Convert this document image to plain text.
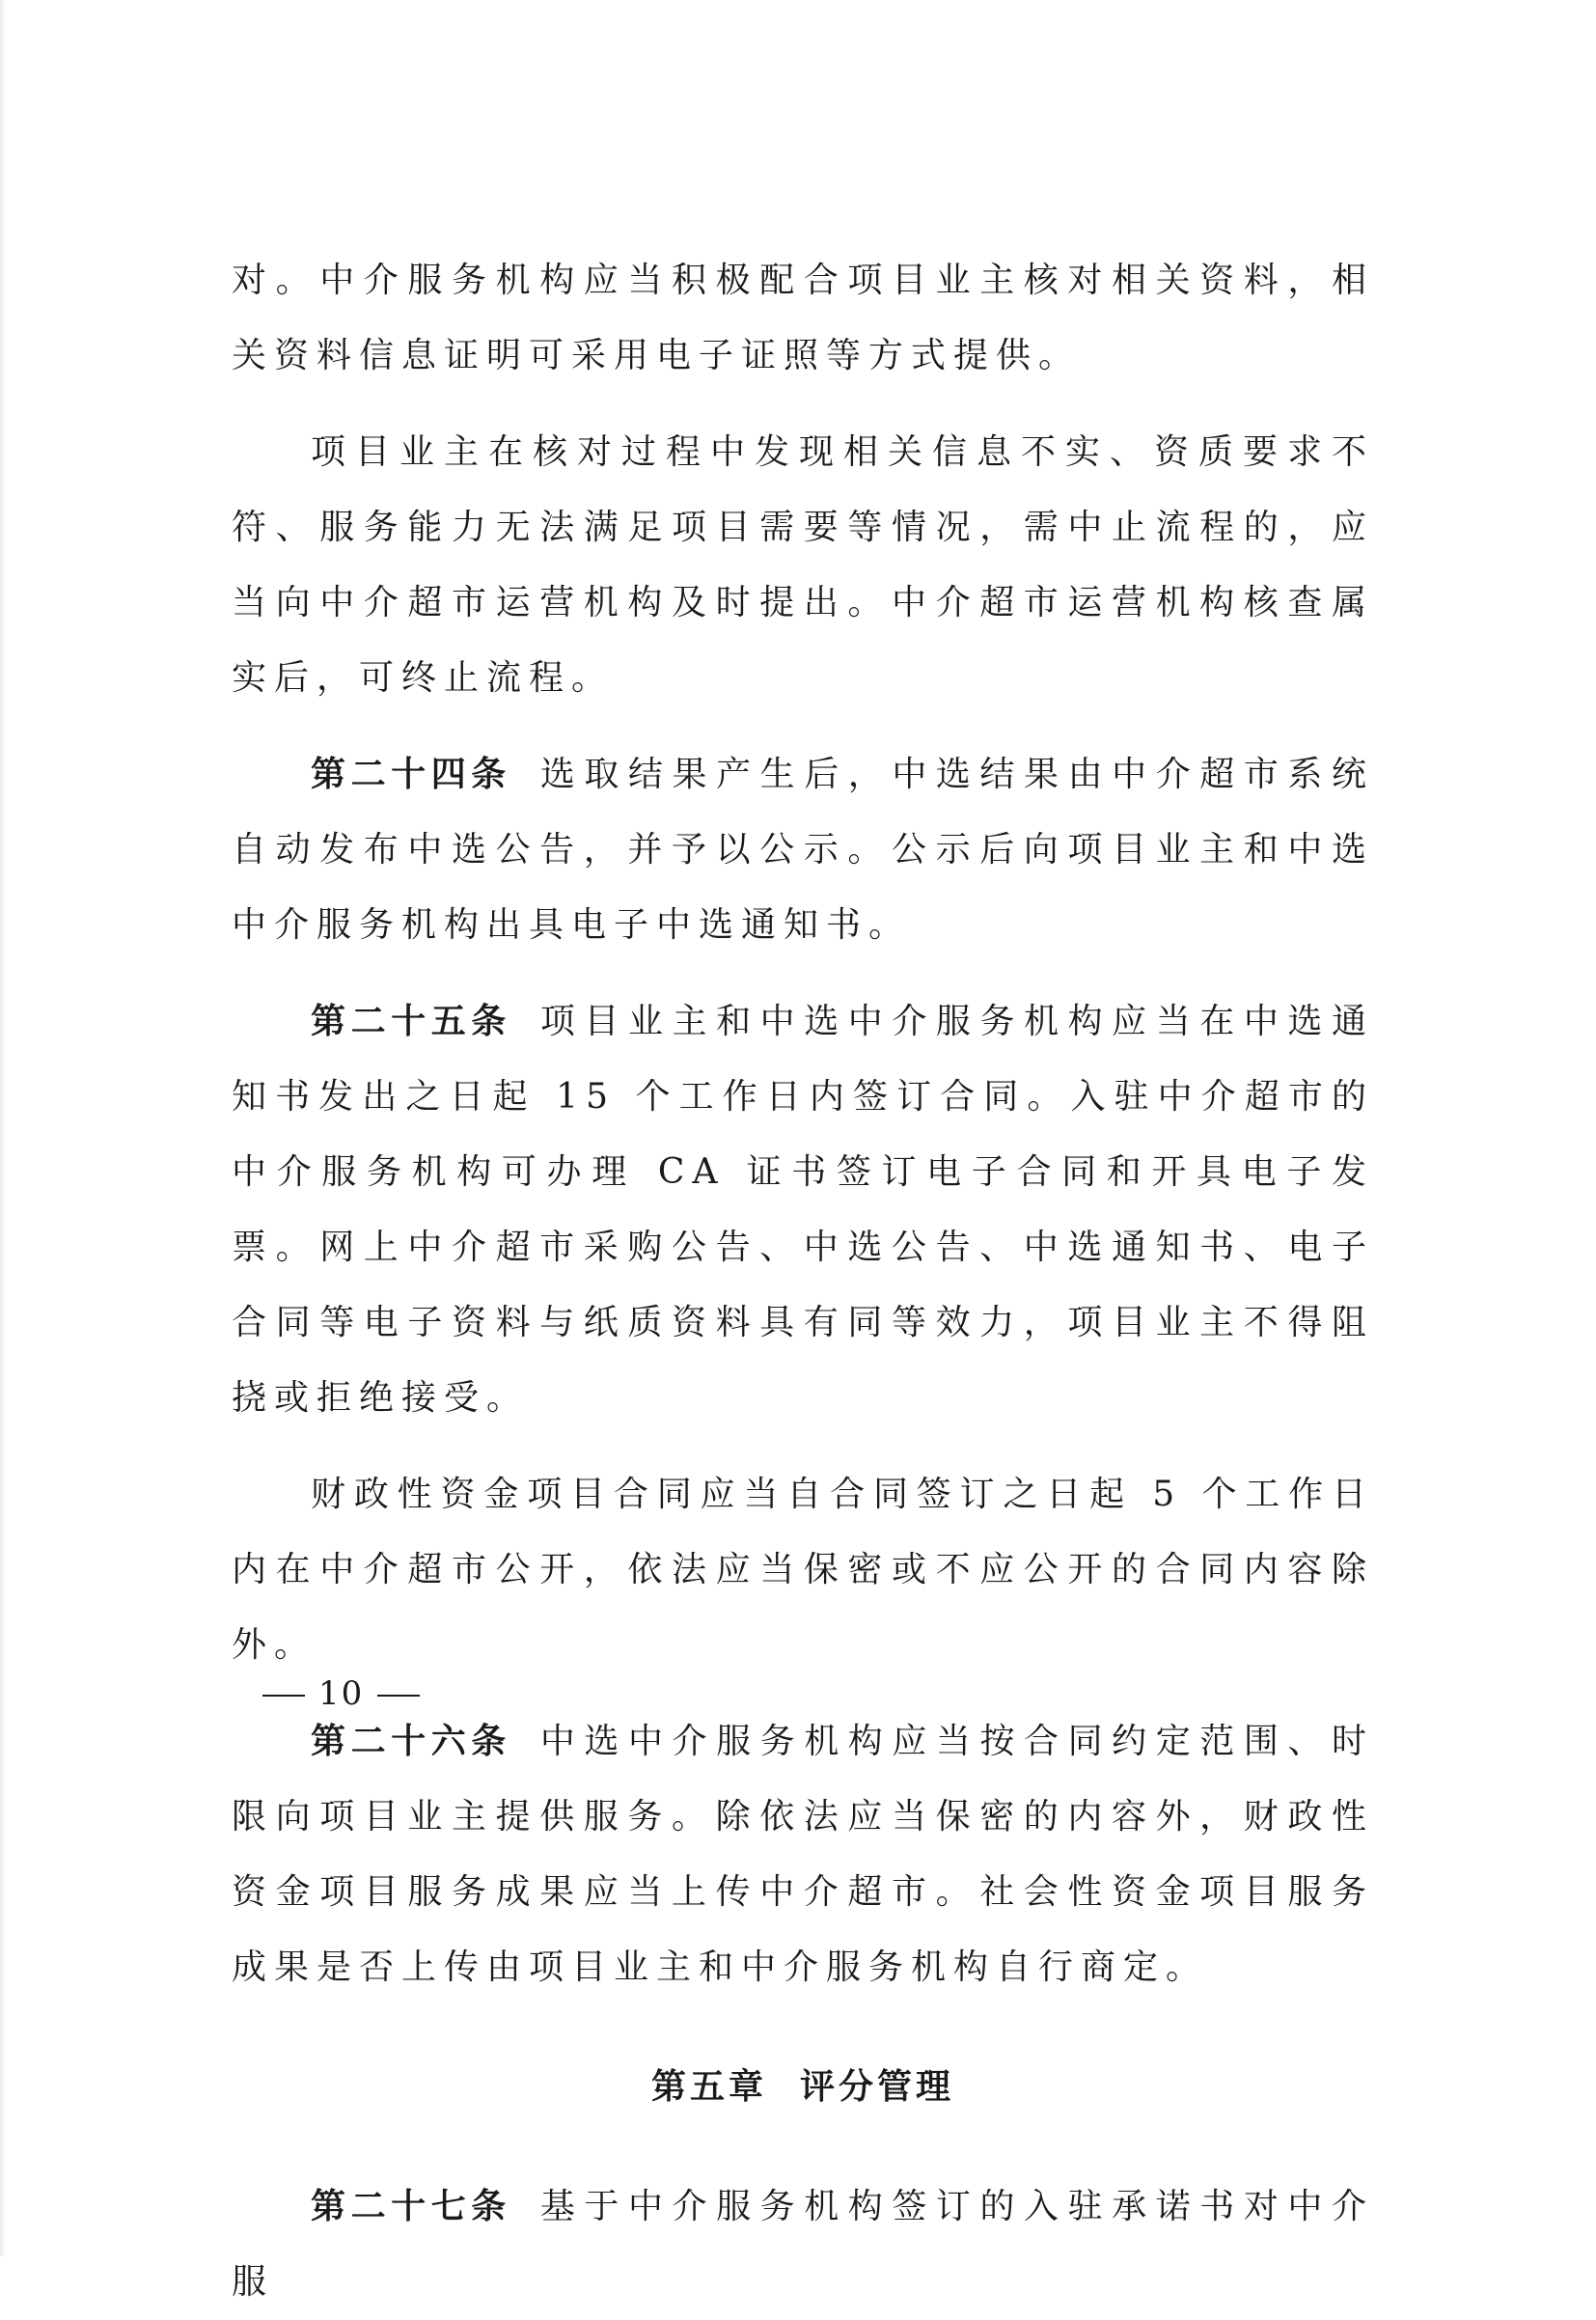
对。中介服务机构应当积极配合项目业主核对相关资料，相关资料信息证明可采用电子证照等方式提供。

项目业主在核对过程中发现相关信息不实、资质要求不符、服务能力无法满足项目需要等情况，需中止流程的，应当向中介超市运营机构及时提出。中介超市运营机构核查属实后，可终止流程。

第二十四条 选取结果产生后，中选结果由中介超市系统自动发布中选公告，并予以公示。公示后向项目业主和中选中介服务机构出具电子中选通知书。

第二十五条 项目业主和中选中介服务机构应当在中选通知书发出之日起 15 个工作日内签订合同。入驻中介超市的中介服务机构可办理 CA 证书签订电子合同和开具电子发票。网上中介超市采购公告、中选公告、中选通知书、电子合同等电子资料与纸质资料具有同等效力，项目业主不得阻挠或拒绝接受。

财政性资金项目合同应当自合同签订之日起 5 个工作日内在中介超市公开，依法应当保密或不应公开的合同内容除外。

第二十六条 中选中介服务机构应当按合同约定范围、时限向项目业主提供服务。除依法应当保密的内容外，财政性资金项目服务成果应当上传中介超市。社会性资金项目服务成果是否上传由项目业主和中介服务机构自行商定。

第五章 评分管理

第二十七条 基于中介服务机构签订的入驻承诺书对中介服

10
